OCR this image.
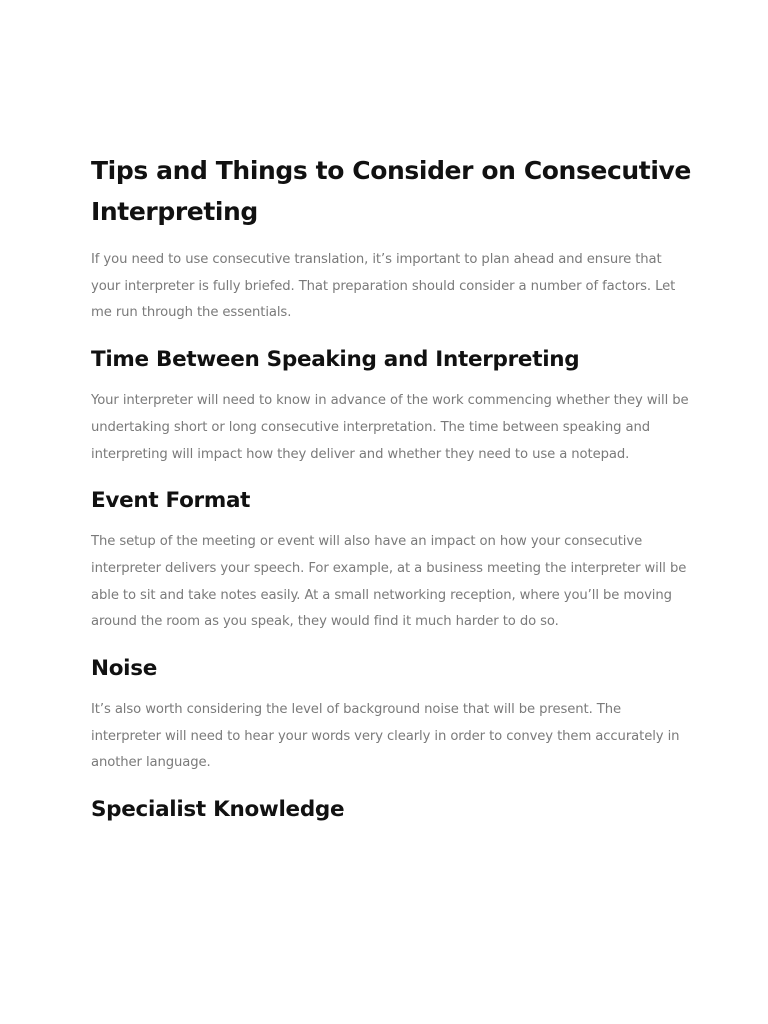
Tips and Things to Consider on Consecutive Interpreting

If you need to use consecutive translation, it’s important to plan ahead and ensure that your interpreter is fully briefed. That preparation should consider a number of factors. Let me run through the essentials.

Time Between Speaking and Interpreting

Your interpreter will need to know in advance of the work commencing whether they will be undertaking short or long consecutive interpretation. The time between speaking and interpreting will impact how they deliver and whether they need to use a notepad.

Event Format

The setup of the meeting or event will also have an impact on how your consecutive interpreter delivers your speech. For example, at a business meeting the interpreter will be able to sit and take notes easily. At a small networking reception, where you’ll be moving around the room as you speak, they would find it much harder to do so.

Noise

It’s also worth considering the level of background noise that will be present. The interpreter will need to hear your words very clearly in order to convey them accurately in another language.

Specialist Knowledge
